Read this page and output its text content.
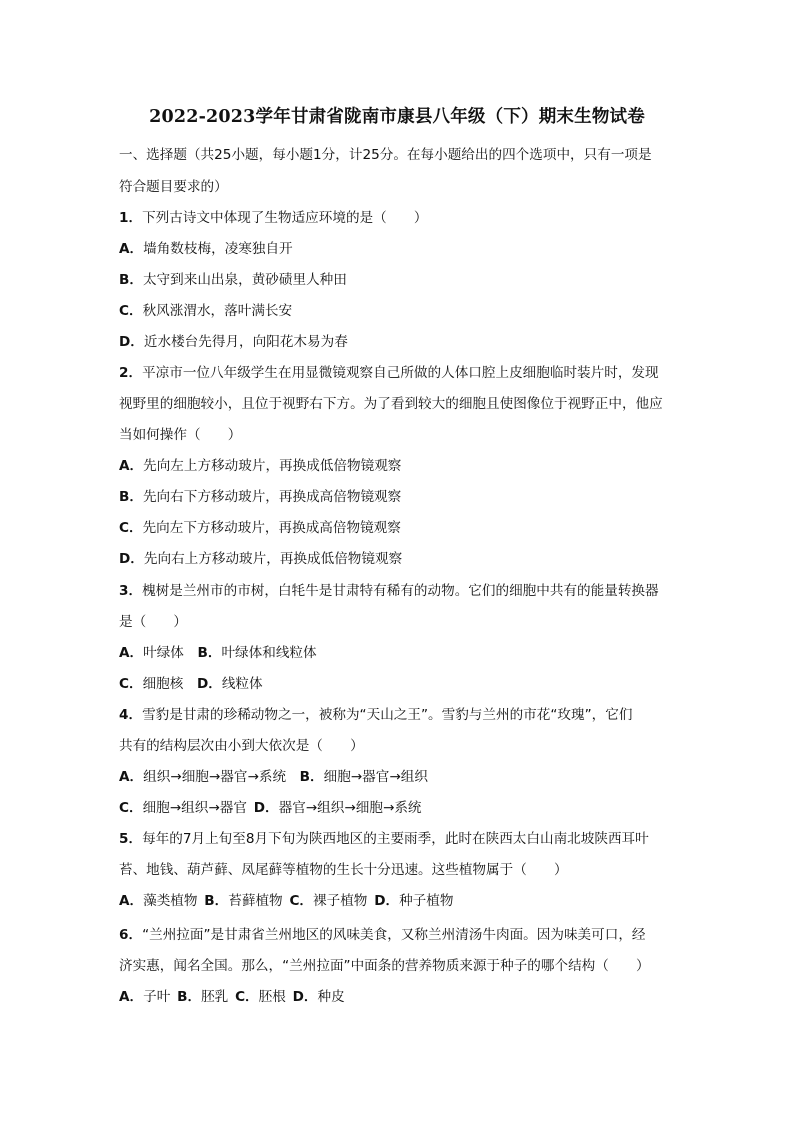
2022-2023学年甘肃省陇南市康县八年级（下）期末生物试卷
一、选择题（共25小题，每小题1分，计25分。在每小题给出的四个选项中，只有一项是
符合题目要求的）
1．下列古诗文中体现了生物适应环境的是（　　）
A．墙角数枝梅，凌寒独自开
B．太守到来山出泉，黄砂碛里人种田
C．秋风涨渭水，落叶满长安
D．近水楼台先得月，向阳花木易为春
2．平凉市一位八年级学生在用显微镜观察自己所做的人体口腔上皮细胞临时装片时，发现
视野里的细胞较小，且位于视野右下方。为了看到较大的细胞且使图像位于视野正中，他应
当如何操作（　　）
A．先向左上方移动玻片，再换成低倍物镜观察
B．先向右下方移动玻片，再换成高倍物镜观察
C．先向左下方移动玻片，再换成高倍物镜观察
D．先向右上方移动玻片，再换成低倍物镜观察
3．槐树是兰州市的市树，白牦牛是甘肃特有稀有的动物。它们的细胞中共有的能量转换器
是（　　）
A．叶绿体　 B．叶绿体和线粒体
C．细胞核　 D．线粒体
4．雪豹是甘肃的珍稀动物之一，被称为“天山之王”。雪豹与兰州的市花“玫瑰”，它们
共有的结构层次由小到大依次是（　　）
A．组织→细胞→器官→系统　 B．细胞→器官→组织
C．细胞→组织→器官  D．器官→组织→细胞→系统
5．每年的7月上旬至8月下旬为陕西地区的主要雨季，此时在陕西太白山南北坡陕西耳叶
苔、地钱、葫芦藓、凤尾藓等植物的生长十分迅速。这些植物属于（　　）
A．藻类植物  B．苔藓植物  C．裸子植物  D．种子植物
6．“兰州拉面”是甘肃省兰州地区的风味美食，又称兰州清汤牛肉面。因为味美可口，经
济实惠，闻名全国。那么，“兰州拉面”中面条的营养物质来源于种子的哪个结构（　　）
A．子叶  B．胚乳  C．胚根  D．种皮
